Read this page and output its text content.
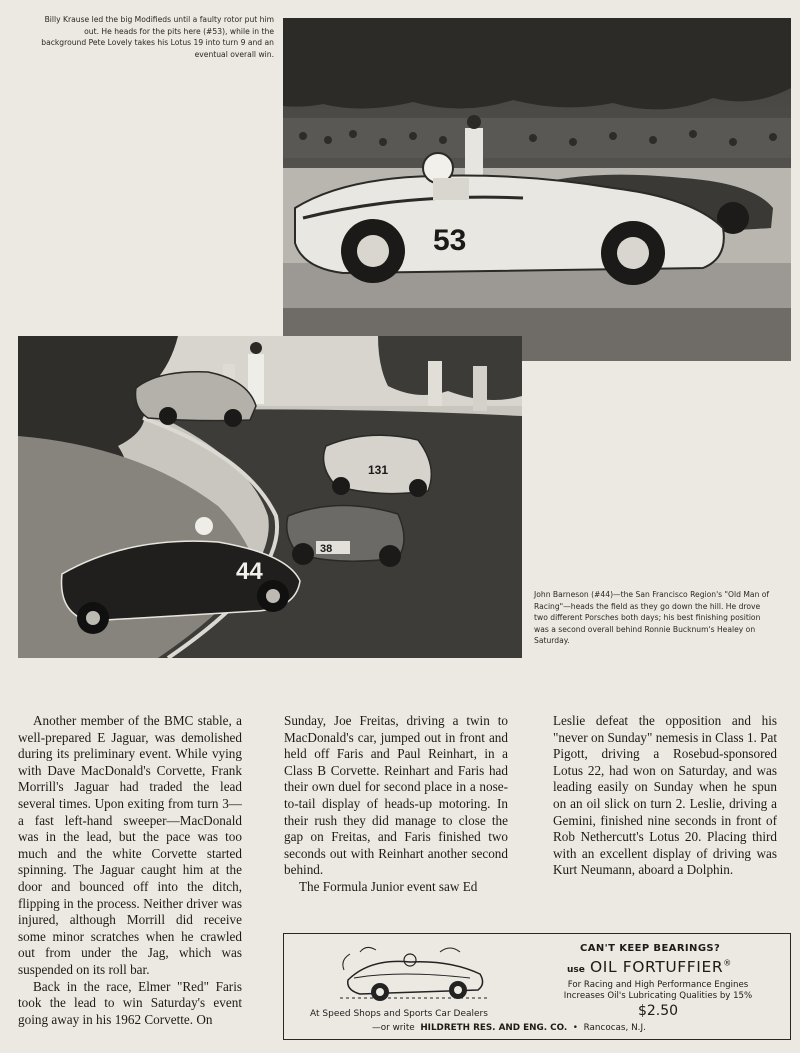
Billy Krause led the big Modifieds until a faulty rotor put him out. He heads for the pits here (#53), while in the background Pete Lovely takes his Lotus 19 into turn 9 and an eventual overall win.
John Barneson (#44)—the San Francisco Region's "Old Man of Racing"—heads the field as they go down the hill. He drove two different Porsches both days; his best finishing position was a second overall behind Ronnie Bucknum's Healey on Saturday.
53
131
38
44

Another member of the BMC stable, a well-prepared E Jaguar, was demolished during its preliminary event. While vying with Dave MacDonald's Corvette, Frank Morrill's Jaguar had traded the lead several times. Upon exiting from turn 3—a fast left-hand sweeper—MacDonald was in the lead, but the pace was too much and the white Corvette started spinning. The Jaguar caught him at the door and bounced off into the ditch, flipping in the process. Neither driver was injured, although Morrill did receive some minor scratches when he crawled out from under the Jag, which was suspended on its roll bar.

Back in the race, Elmer "Red" Faris took the lead to win Saturday's event going away in his 1962 Corvette. On

Sunday, Joe Freitas, driving a twin to MacDonald's car, jumped out in front and held off Faris and Paul Reinhart, in a Class B Corvette. Reinhart and Faris had their own duel for second place in a nose-to-tail display of heads-up motoring. In their rush they did manage to close the gap on Freitas, and Faris finished two seconds out with Reinhart another second behind.

The Formula Junior event saw Ed

Leslie defeat the opposition and his "never on Sunday" nemesis in Class 1. Pat Pigott, driving a Rosebud-sponsored Lotus 22, had won on Saturday, and was leading easily on Sunday when he spun on an oil slick on turn 2. Leslie, driving a Gemini, finished nine seconds in front of Rob Nethercutt's Lotus 20. Placing third with an excellent display of driving was Kurt Neumann, aboard a Dolphin.

At Speed Shops and Sports Car Dealers
CAN'T KEEP BEARINGS?
use OIL FORTUFFIER®
For Racing and High Performance Engines
Increases Oil's Lubricating Qualities by 15%
$2.50
—or write HILDRETH RES. AND ENG. CO. • Rancocas, N.J.
